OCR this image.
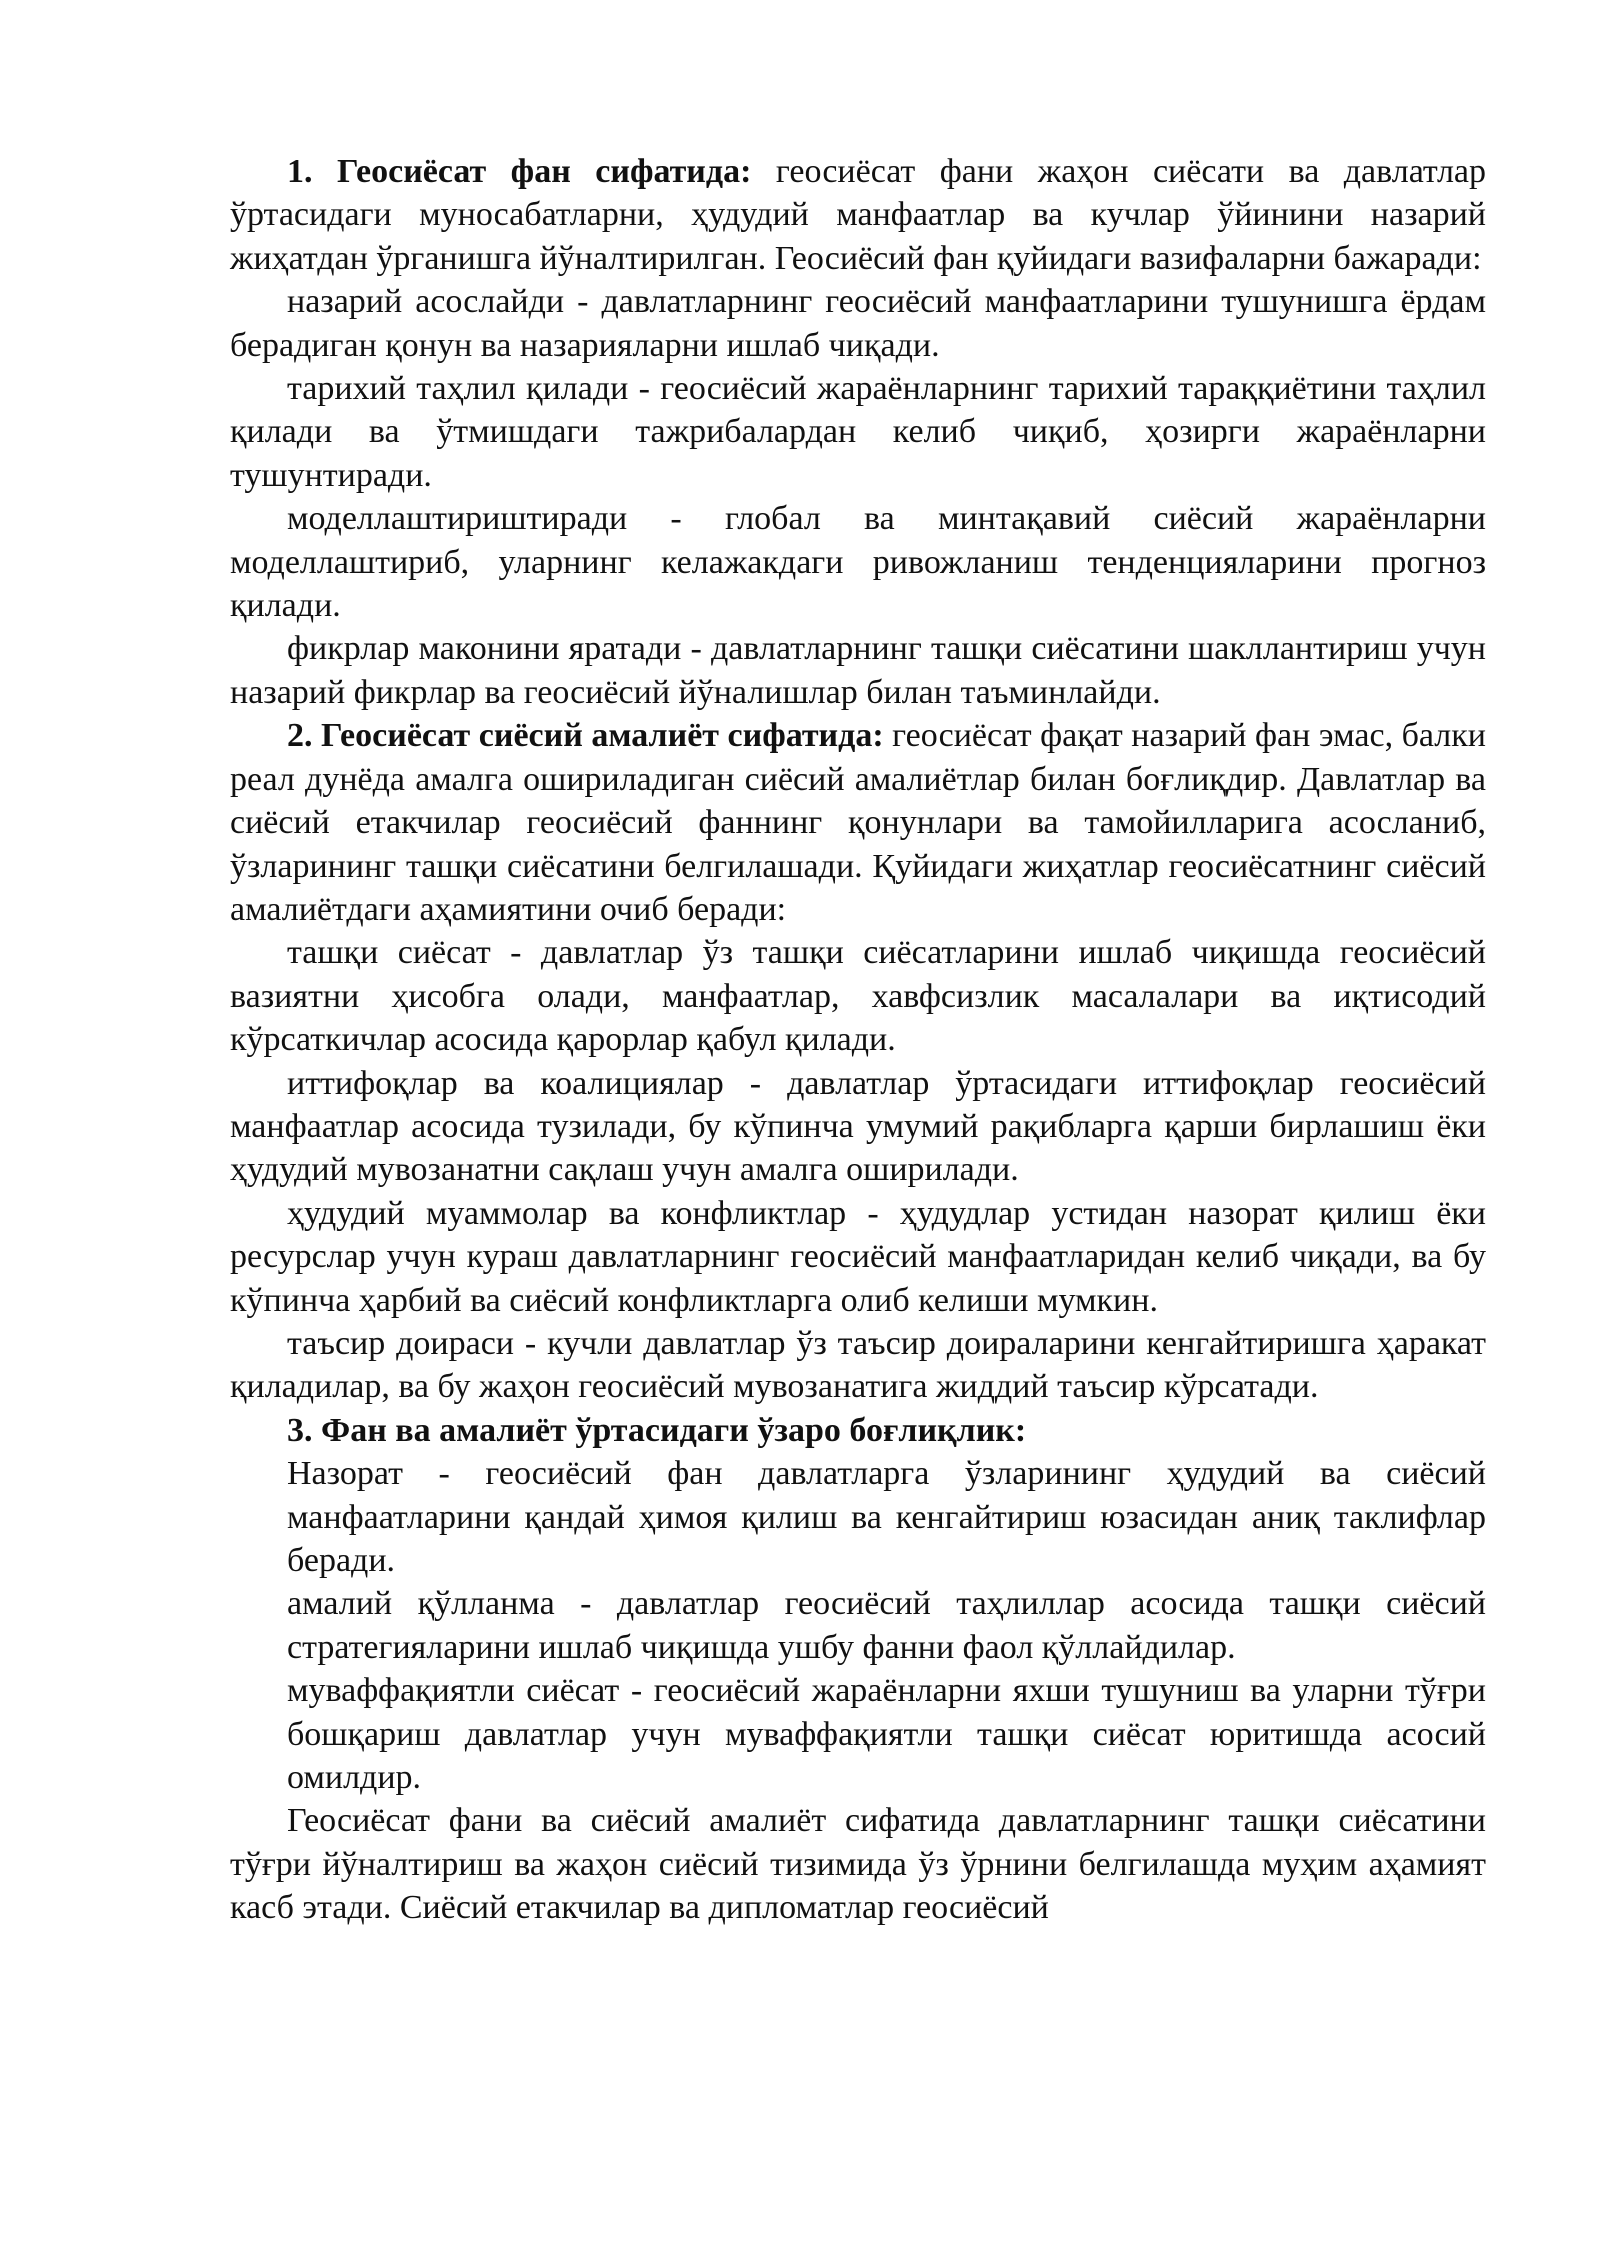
1. Геосиёсат фан сифатида: геосиёсат фани жаҳон сиёсати ва давлатлар ўртасидаги муносабатларни, ҳудудий манфаатлар ва кучлар ўйинини назарий жиҳатдан ўрганишга йўналтирилган. Геосиёсий фан қуйидаги вазифаларни бажаради:

назарий асослайди - давлатларнинг геосиёсий манфаатларини тушунишга ёрдам берадиган қонун ва назарияларни ишлаб чиқади.

тарихий таҳлил қилади - геосиёсий жараёнларнинг тарихий тараққиётини таҳлил қилади ва ўтмишдаги тажрибалардан келиб чиқиб, ҳозирги жараёнларни тушунтиради.

моделлаштириштиради - глобал ва минтақавий сиёсий жараёнларни моделлаштириб, уларнинг келажакдаги ривожланиш тенденцияларини прогноз қилади.

фикрлар маконини яратади - давлатларнинг ташқи сиёсатини шакллантириш учун назарий фикрлар ва геосиёсий йўналишлар билан таъминлайди.

2. Геосиёсат сиёсий амалиёт сифатида: геосиёсат фақат назарий фан эмас, балки реал дунёда амалга ошириладиган сиёсий амалиётлар билан боғлиқдир. Давлатлар ва сиёсий етакчилар геосиёсий фаннинг қонунлари ва тамойилларига асосланиб, ўзларининг ташқи сиёсатини белгилашади. Қуйидаги жиҳатлар геосиёсатнинг сиёсий амалиётдаги аҳамиятини очиб беради:

ташқи сиёсат - давлатлар ўз ташқи сиёсатларини ишлаб чиқишда геосиёсий вазиятни ҳисобга олади, манфаатлар, хавфсизлик масалалари ва иқтисодий кўрсаткичлар асосида қарорлар қабул қилади.

иттифоқлар ва коалициялар - давлатлар ўртасидаги иттифоқлар геосиёсий манфаатлар асосида тузилади, бу кўпинча умумий рақибларга қарши бирлашиш ёки ҳудудий мувозанатни сақлаш учун амалга оширилади.

ҳудудий муаммолар ва конфликтлар - ҳудудлар устидан назорат қилиш ёки ресурслар учун кураш давлатларнинг геосиёсий манфаатларидан келиб чиқади, ва бу кўпинча ҳарбий ва сиёсий конфликтларга олиб келиши мумкин.

таъсир доираси - кучли давлатлар ўз таъсир доираларини кенгайтиришга ҳаракат қиладилар, ва бу жаҳон геосиёсий мувозанатига жиддий таъсир кўрсатади.

3. Фан ва амалиёт ўртасидаги ўзаро боғлиқлик:

Назорат - геосиёсий фан давлатларга ўзларининг ҳудудий ва сиёсий манфаатларини қандай ҳимоя қилиш ва кенгайтириш юзасидан аниқ таклифлар беради.

амалий қўлланма - давлатлар геосиёсий таҳлиллар асосида ташқи сиёсий стратегияларини ишлаб чиқишда ушбу фанни фаол қўллайдилар.

муваффақиятли сиёсат - геосиёсий жараёнларни яхши тушуниш ва уларни тўғри бошқариш давлатлар учун муваффақиятли ташқи сиёсат юритишда асосий омилдир.

Геосиёсат фани ва сиёсий амалиёт сифатида давлатларнинг ташқи сиёсатини тўғри йўналтириш ва жаҳон сиёсий тизимида ўз ўрнини белгилашда муҳим аҳамият касб этади. Сиёсий етакчилар ва дипломатлар геосиёсий
